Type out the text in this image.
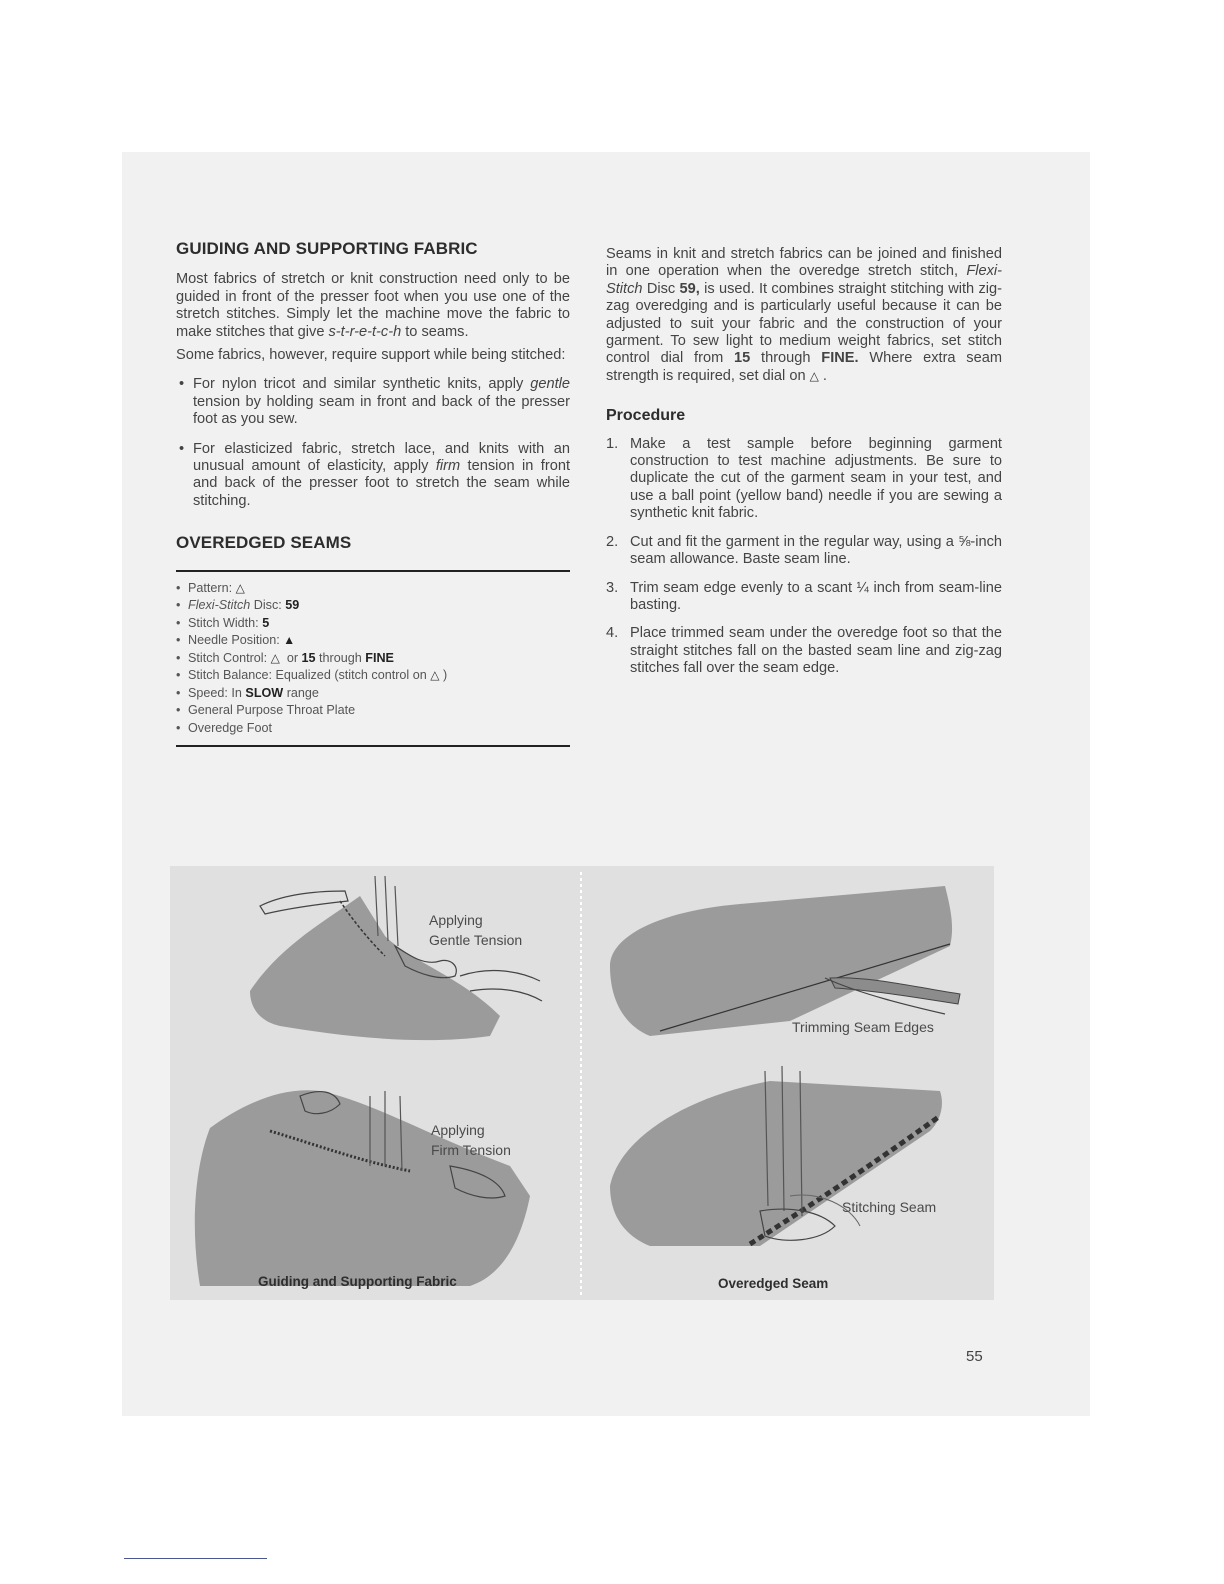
GUIDING AND SUPPORTING FABRIC

Most fabrics of stretch or knit construction need only to be guided in front of the presser foot when you use one of the stretch stitches. Simply let the machine move the fabric to make stitches that give s-t-r-e-t-c-h to seams.

Some fabrics, however, require support while being stitched:

• For nylon tricot and similar synthetic knits, apply gentle tension by holding seam in front and back of the presser foot as you sew.
• For elasticized fabric, stretch lace, and knits with an unusual amount of elasticity, apply firm tension in front and back of the presser foot to stretch the seam while stitching.
OVEREDGED SEAMS
• Pattern: △
• Flexi-Stitch Disc: 59
• Stitch Width: 5
• Needle Position: ▲
• Stitch Control: △ or 15 through FINE
• Stitch Balance: Equalized (stitch control on △ )
• Speed: In SLOW range
• General Purpose Throat Plate
• Overedge Foot

Seams in knit and stretch fabrics can be joined and finished in one operation when the overedge stretch stitch, Flexi-Stitch Disc 59, is used. It combines straight stitching with zig-zag overedging and is particularly useful because it can be adjusted to suit your fabric and the construction of your garment. To sew light to medium weight fabrics, set stitch control dial from 15 through FINE. Where extra seam strength is required, set dial on △ .

Procedure
1. Make a test sample before beginning garment construction to test machine adjustments. Be sure to duplicate the cut of the garment seam in your test, and use a ball point (yellow band) needle if you are sewing a synthetic knit fabric.
2. Cut and fit the garment in the regular way, using a ⅝-inch seam allowance. Baste seam line.
3. Trim seam edge evenly to a scant ¼ inch from seam-line basting.
4. Place trimmed seam under the overedge foot so that the straight stitches fall on the basted seam line and zig-zag stitches fall over the seam edge.
Applying
Gentle Tension
Applying
Firm Tension
Trimming Seam Edges
Stitching Seam
Guiding and Supporting Fabric	Overedged Seam
55
